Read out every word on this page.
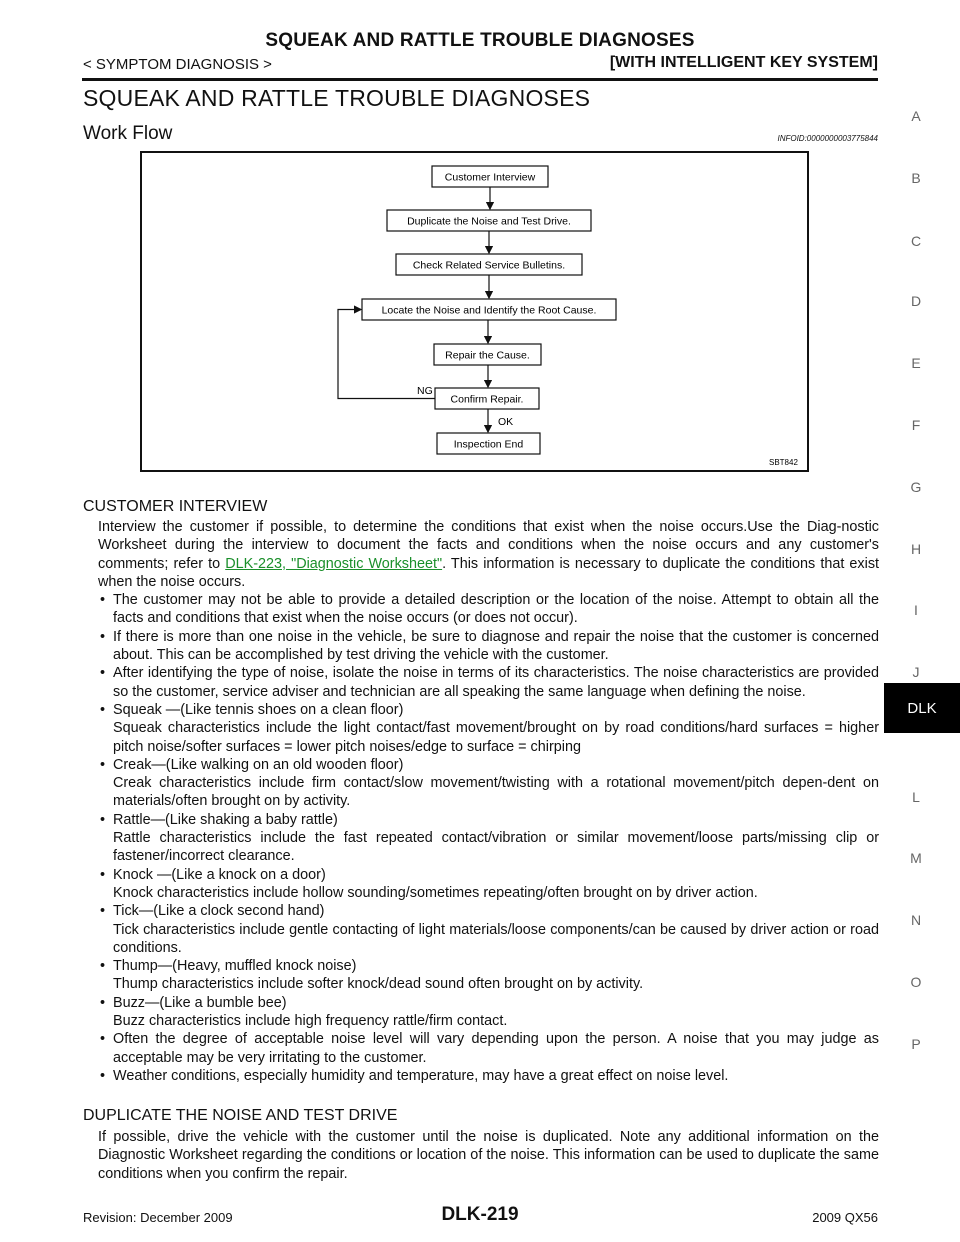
SQUEAK AND RATTLE TROUBLE DIAGNOSES
< SYMPTOM DIAGNOSIS >	[WITH INTELLIGENT KEY SYSTEM]
SQUEAK AND RATTLE TROUBLE DIAGNOSES
Work Flow	INFOID:0000000003775844
A
B
C
D
E
F
G
H
I
J
L
M
N
O
P
DLK
Customer Interview
Duplicate the Noise and Test Drive.
Check Related Service Bulletins.
Locate the Noise and Identify the Root Cause.
Repair the Cause.
Confirm Repair.
Inspection End
NG
OK
SBT842
CUSTOMER INTERVIEW

Interview the customer if possible, to determine the conditions that exist when the noise occurs.Use the Diag-nostic Worksheet during the interview to document the facts and conditions when the noise occurs and any customer's comments; refer to DLK-223, "Diagnostic Worksheet". This information is necessary to duplicate the conditions that exist when the noise occurs.

• The customer may not be able to provide a detailed description or the location of the noise. Attempt to obtain all the facts and conditions that exist when the noise occurs (or does not occur).
• If there is more than one noise in the vehicle, be sure to diagnose and repair the noise that the customer is concerned about. This can be accomplished by test driving the vehicle with the customer.
• After identifying the type of noise, isolate the noise in terms of its characteristics. The noise characteristics are provided so the customer, service adviser and technician are all speaking the same language when defining the noise.
• Squeak —(Like tennis shoes on a clean floor)
Squeak characteristics include the light contact/fast movement/brought on by road conditions/hard surfaces = higher pitch noise/softer surfaces = lower pitch noises/edge to surface = chirping
• Creak—(Like walking on an old wooden floor)
Creak characteristics include firm contact/slow movement/twisting with a rotational movement/pitch depen-dent on materials/often brought on by activity.
• Rattle—(Like shaking a baby rattle)
Rattle characteristics include the fast repeated contact/vibration or similar movement/loose parts/missing clip or fastener/incorrect clearance.
• Knock —(Like a knock on a door)
Knock characteristics include hollow sounding/sometimes repeating/often brought on by driver action.
• Tick—(Like a clock second hand)
Tick characteristics include gentle contacting of light materials/loose components/can be caused by driver action or road conditions.
• Thump—(Heavy, muffled knock noise)
Thump characteristics include softer knock/dead sound often brought on by activity.
• Buzz—(Like a bumble bee)
Buzz characteristics include high frequency rattle/firm contact.
• Often the degree of acceptable noise level will vary depending upon the person. A noise that you may judge as acceptable may be very irritating to the customer.
• Weather conditions, especially humidity and temperature, may have a great effect on noise level.
DUPLICATE THE NOISE AND TEST DRIVE

If possible, drive the vehicle with the customer until the noise is duplicated. Note any additional information on the Diagnostic Worksheet regarding the conditions or location of the noise. This information can be used to duplicate the same conditions when you confirm the repair.

Revision: December 2009	DLK-219	2009 QX56
